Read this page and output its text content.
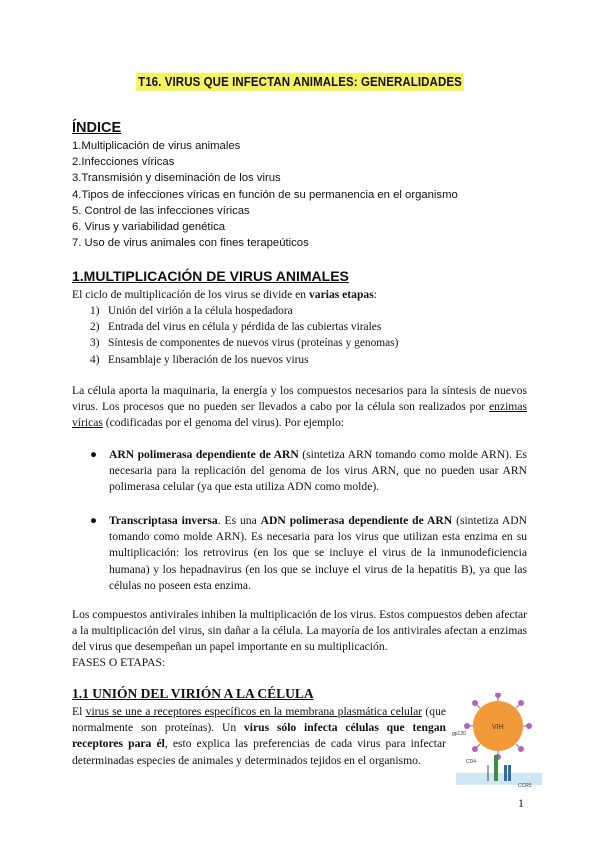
T16. VIRUS QUE INFECTAN ANIMALES: GENERALIDADES
ÍNDICE
1.Multiplicación de virus animales
2.Infecciones víricas
3.Transmisión y diseminación de los virus
4.Tipos de infecciones víricas en función de su permanencia en el organismo
5. Control de las infecciones víricas
6. Virus y variabilidad genética
7. Uso de virus animales con fines terapeúticos
1.MULTIPLICACIÓN DE VIRUS ANIMALES
El ciclo de multiplicación de los virus se divide en varias etapas:
1) Unión del virión a la célula hospedadora
2) Entrada del virus en célula y pérdida de las cubiertas virales
3) Síntesis de componentes de nuevos virus (proteínas y genomas)
4) Ensamblaje y liberación de los nuevos virus
La célula aporta la maquinaria, la energía y los compuestos necesarios para la síntesis de nuevos virus. Los procesos que no pueden ser llevados a cabo por la célula son realizados por enzimas víricas (codificadas por el genoma del virus). Por ejemplo:
● ARN polimerasa dependiente de ARN (sintetiza ARN tomando como molde ARN). Es necesaria para la replicación del genoma de los virus ARN, que no pueden usar ARN polimerasa celular (ya que esta utiliza ADN como molde).
● Transcriptasa inversa. Es una ADN polimerasa dependiente de ARN (sintetiza ADN tomando como molde ARN). Es necesaria para los virus que utilizan esta enzima en su multiplicación: los retrovirus (en los que se incluye el virus de la inmunodeficiencia humana) y los hepadnavirus (en los que se incluye el virus de la hepatitis B), ya que las células no poseen esta enzima.
Los compuestos antivirales inhiben la multiplicación de los virus. Estos compuestos deben afectar a la multiplicación del virus, sin dañar a la célula. La mayoría de los antivirales afectan a enzimas del virus que desempeñan un papel importante en su multiplicación.
FASES O ETAPAS:
1.1 UNIÓN DEL VIRIÓN A LA CÉLULA
El virus se une a receptores específicos en la membrana plasmática celular (que normalmente son proteínas). Un virus sólo infecta células que tengan receptores para él, esto explica las preferencias de cada virus para infectar determinadas especies de animales y determinados tejidos en el organismo.
VIH
gp120
CD4
CCR5
1
